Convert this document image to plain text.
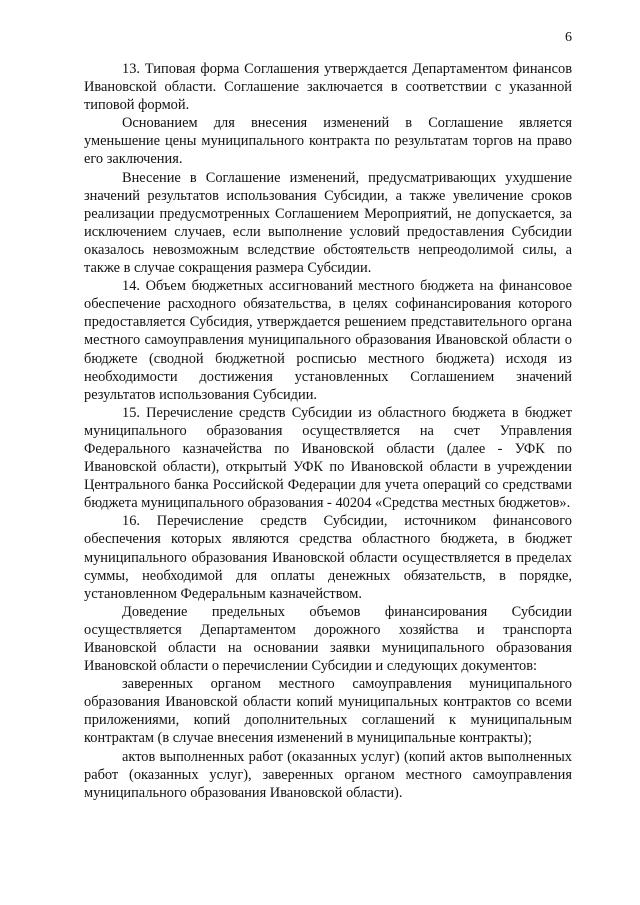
6

13. Типовая форма Соглашения утверждается Департаментом финансов Ивановской области. Соглашение заключается в соответствии с указанной типовой формой.

Основанием для внесения изменений в Соглашение является уменьшение цены муниципального контракта по результатам торгов на право его заключения.

Внесение в Соглашение изменений, предусматривающих ухудшение значений результатов использования Субсидии, а также увеличение сроков реализации предусмотренных Соглашением Мероприятий, не допускается, за исключением случаев, если выполнение условий предоставления Субсидии оказалось невозможным вследствие обстоятельств непреодолимой силы, а также в случае сокращения размера Субсидии.

14. Объем бюджетных ассигнований местного бюджета на финансовое обеспечение расходного обязательства, в целях софинансирования которого предоставляется Субсидия, утверждается решением представительного органа местного самоуправления муниципального образования Ивановской области о бюджете (сводной бюджетной росписью местного бюджета) исходя из необходимости достижения установленных Соглашением значений результатов использования Субсидии.

15. Перечисление средств Субсидии из областного бюджета в бюджет муниципального образования осуществляется на счет Управления Федерального казначейства по Ивановской области (далее - УФК по Ивановской области), открытый УФК по Ивановской области в учреждении Центрального банка Российской Федерации для учета операций со средствами бюджета муниципального образования - 40204 «Средства местных бюджетов».

16. Перечисление средств Субсидии, источником финансового обеспечения которых являются средства областного бюджета, в бюджет муниципального образования Ивановской области осуществляется в пределах суммы, необходимой для оплаты денежных обязательств, в порядке, установленном Федеральным казначейством.

Доведение предельных объемов финансирования Субсидии осуществляется Департаментом дорожного хозяйства и транспорта Ивановской области на основании заявки муниципального образования Ивановской области о перечислении Субсидии и следующих документов:

заверенных органом местного самоуправления муниципального образования Ивановской области копий муниципальных контрактов со всеми приложениями, копий дополнительных соглашений к муниципальным контрактам (в случае внесения изменений в муниципальные контракты);

актов выполненных работ (оказанных услуг) (копий актов выполненных работ (оказанных услуг), заверенных органом местного самоуправления муниципального образования Ивановской области).
